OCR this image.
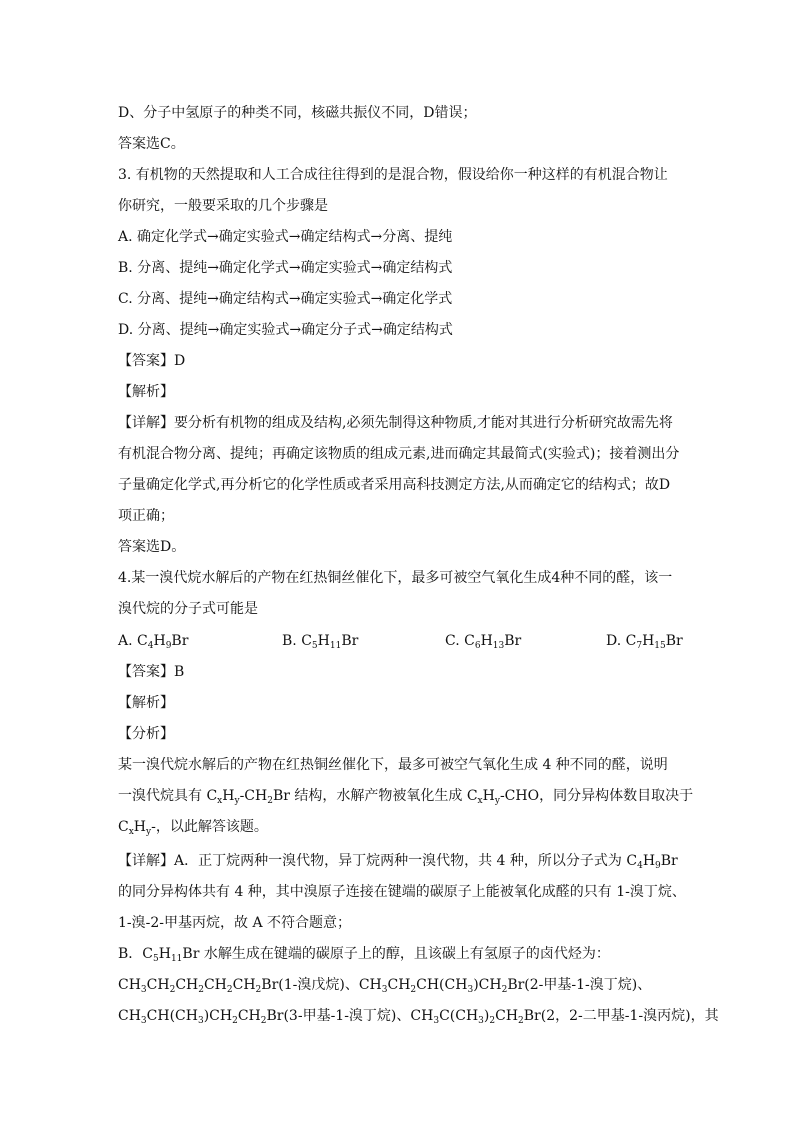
D、分子中氢原子的种类不同，核磁共振仪不同，D错误；
答案选C。
3. 有机物的天然提取和人工合成往往得到的是混合物，假设给你一种这样的有机混合物让
你研究，一般要采取的几个步骤是
A. 确定化学式→确定实验式→确定结构式→分离、提纯
B. 分离、提纯→确定化学式→确定实验式→确定结构式
C. 分离、提纯→确定结构式→确定实验式→确定化学式
D. 分离、提纯→确定实验式→确定分子式→确定结构式
【答案】D
【解析】
【详解】要分析有机物的组成及结构,必须先制得这种物质,才能对其进行分析研究故需先将
有机混合物分离、提纯；再确定该物质的组成元素,进而确定其最简式(实验式)；接着测出分
子量确定化学式,再分析它的化学性质或者采用高科技测定方法,从而确定它的结构式；故D
项正确；
答案选D。
4.某一溴代烷水解后的产物在红热铜丝催化下，最多可被空气氧化生成4种不同的醛，该一
溴代烷的分子式可能是
A. $C_4H_9Br$	B. $C_5H_{11}Br$	C. $C_6H_{13}Br$	D. $C_7H_{15}Br$
【答案】B
【解析】
【分析】
某一溴代烷水解后的产物在红热铜丝催化下，最多可被空气氧化生成 4 种不同的醛，说明
一溴代烷具有 $C_xH_y-CH_2Br$ 结构，水解产物被氧化生成 $C_xH_y$-CHO，同分异构体数目取决于
$C_xH_y-$，以此解答该题。
【详解】A．正丁烷两种一溴代物，异丁烷两种一溴代物，共 4 种，所以分子式为 $C_4H_9Br$
的同分异构体共有 4 种，其中溴原子连接在键端的碳原子上能被氧化成醛的只有 1-溴丁烷、
1-溴-2-甲基丙烷，故 A 不符合题意；
B．$C_5H_{11}Br$ 水解生成在键端的碳原子上的醇，且该碳上有氢原子的卤代烃为：
$CH_3CH_2CH_2CH_2CH_2Br(1-$溴戊烷)、$CH_3CH_2CH(CH_3)CH_2Br(2-$甲基-1-溴丁烷)、
$CH_3CH(CH_3)CH_2CH_2Br(3-$甲基-1-溴丁烷)、$CH_3C(CH_3)_2CH_2Br(2$，2-二甲基-1-溴丙烷)，其
